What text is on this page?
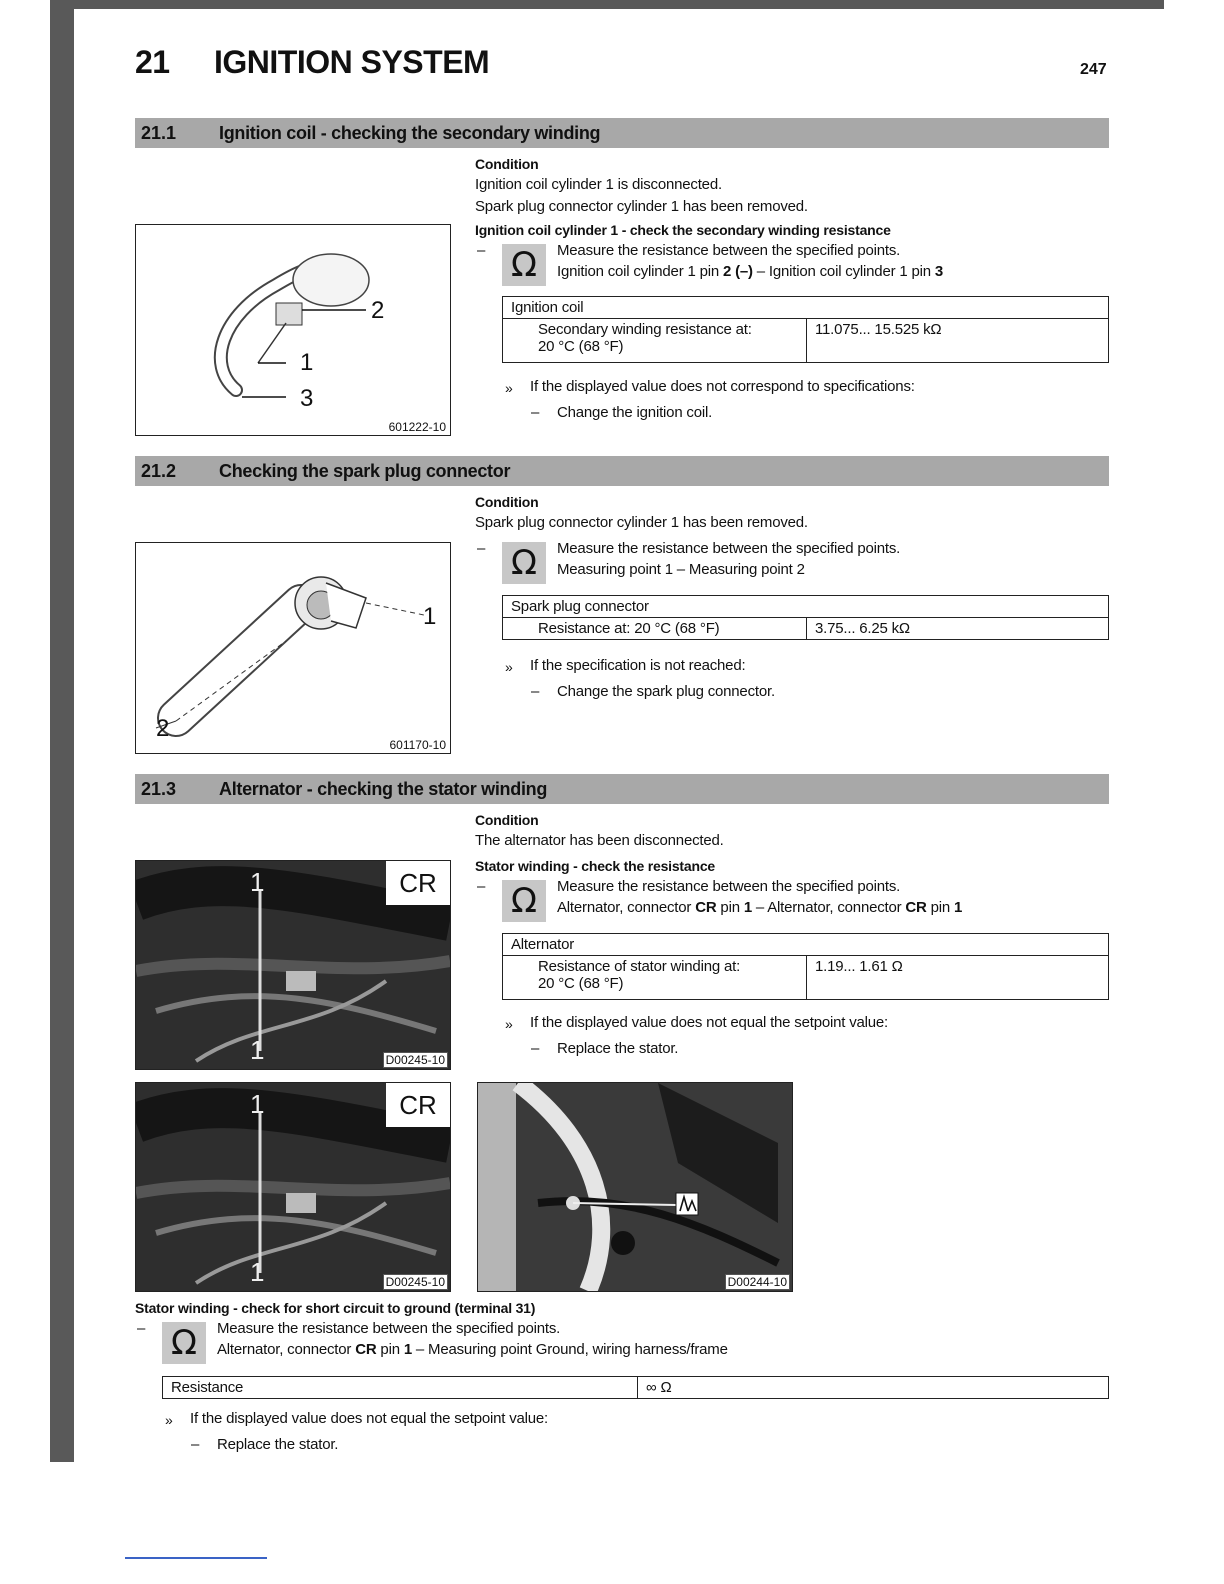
21 IGNITION SYSTEM	247
21.1 Ignition coil - checking the secondary winding
2
1
3
601222-10
Condition
Ignition coil cylinder 1 is disconnected.
Spark plug connector cylinder 1 has been removed.
Ignition coil cylinder 1 - check the secondary winding resistance
– Ω	Measure the resistance between the specified points.
Ignition coil cylinder 1 pin 2 (–) – Ignition coil cylinder 1 pin 3
Ignition coil
Secondary winding resistance at:
20 °C (68 °F)	11.075... 15.525 kΩ
» If the displayed value does not correspond to specifications:
– Change the ignition coil.
21.2 Checking the spark plug connector
1
2
601170-10
Condition
Spark plug connector cylinder 1 has been removed.
– Ω	Measure the resistance between the specified points.
Measuring point 1 – Measuring point 2
Spark plug connector
Resistance at: 20 °C (68 °F)	3.75... 6.25 kΩ
» If the specification is not reached:
– Change the spark plug connector.
21.3 Alternator - checking the stator winding
1
1
CR
D00245-10
Condition
The alternator has been disconnected.
Stator winding - check the resistance
– Ω	Measure the resistance between the specified points.
Alternator, connector CR pin 1 – Alternator, connector CR pin 1
Alternator
Resistance of stator winding at:
20 °C (68 °F)	1.19... 1.61 Ω
» If the displayed value does not equal the setpoint value:
– Replace the stator.
1
1
CR
D00245-10	D00244-10
Stator winding - check for short circuit to ground (terminal 31)
– Ω	Measure the resistance between the specified points.
Alternator, connector CR pin 1 – Measuring point Ground, wiring harness/frame
Resistance	∞ Ω
» If the displayed value does not equal the setpoint value:
– Replace the stator.
